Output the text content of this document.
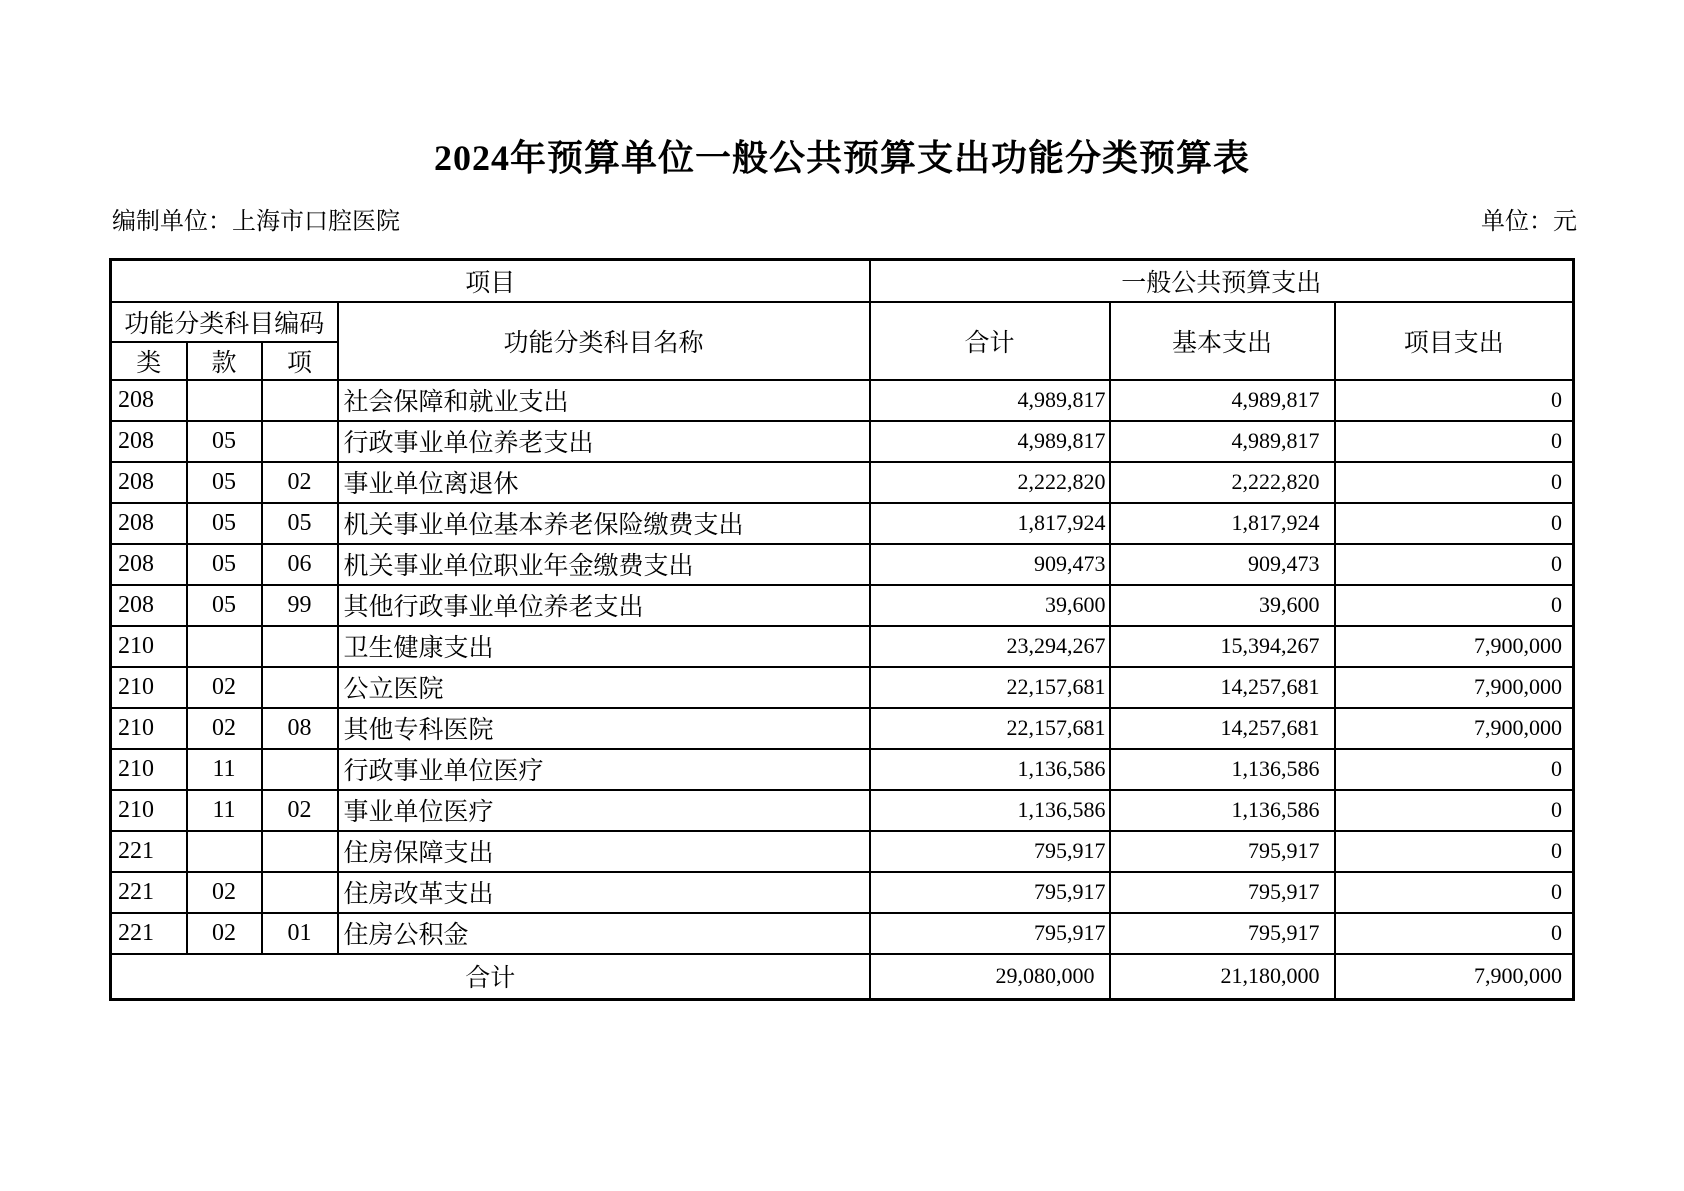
2024年预算单位一般公共预算支出功能分类预算表
编制单位：上海市口腔医院	单位：元
项目				一般公共预算支出		
功能分类科目编码			功能分类科目名称	合计	基本支出	项目支出
类	款	项				
208			社会保障和就业支出	4,989,817	4,989,817	0
208	05		行政事业单位养老支出	4,989,817	4,989,817	0
208	05	02	事业单位离退休	2,222,820	2,222,820	0
208	05	05	机关事业单位基本养老保险缴费支出	1,817,924	1,817,924	0
208	05	06	机关事业单位职业年金缴费支出	909,473	909,473	0
208	05	99	其他行政事业单位养老支出	39,600	39,600	0
210			卫生健康支出	23,294,267	15,394,267	7,900,000
210	02		公立医院	22,157,681	14,257,681	7,900,000
210	02	08	其他专科医院	22,157,681	14,257,681	7,900,000
210	11		行政事业单位医疗	1,136,586	1,136,586	0
210	11	02	事业单位医疗	1,136,586	1,136,586	0
221			住房保障支出	795,917	795,917	0
221	02		住房改革支出	795,917	795,917	0
221	02	01	住房公积金	795,917	795,917	0
合计				29,080,000	21,180,000	7,900,000
